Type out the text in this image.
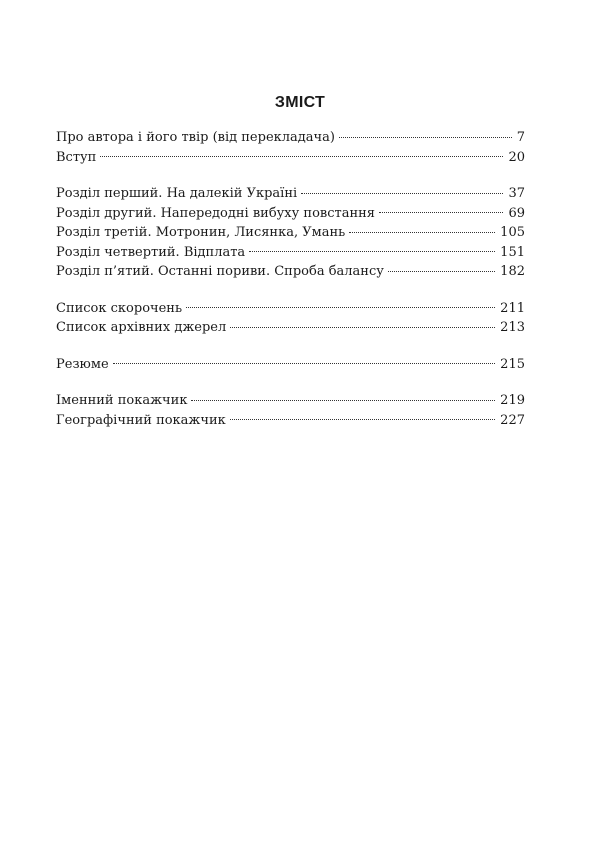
ЗМІСТ
Про автора і його твір (від перекладача)	7
Вступ	20
Розділ перший. На далекій Україні	37
Розділ другий. Напередодні вибуху повстання	69
Розділ третій. Мотронин, Лисянка, Умань	105
Розділ четвертий. Відплата	151
Розділ п’ятий. Останні пориви. Спроба балансу	182
Список скорочень	211
Список архівних джерел	213
Резюме	215
Іменний покажчик	219
Географічний покажчик	227
